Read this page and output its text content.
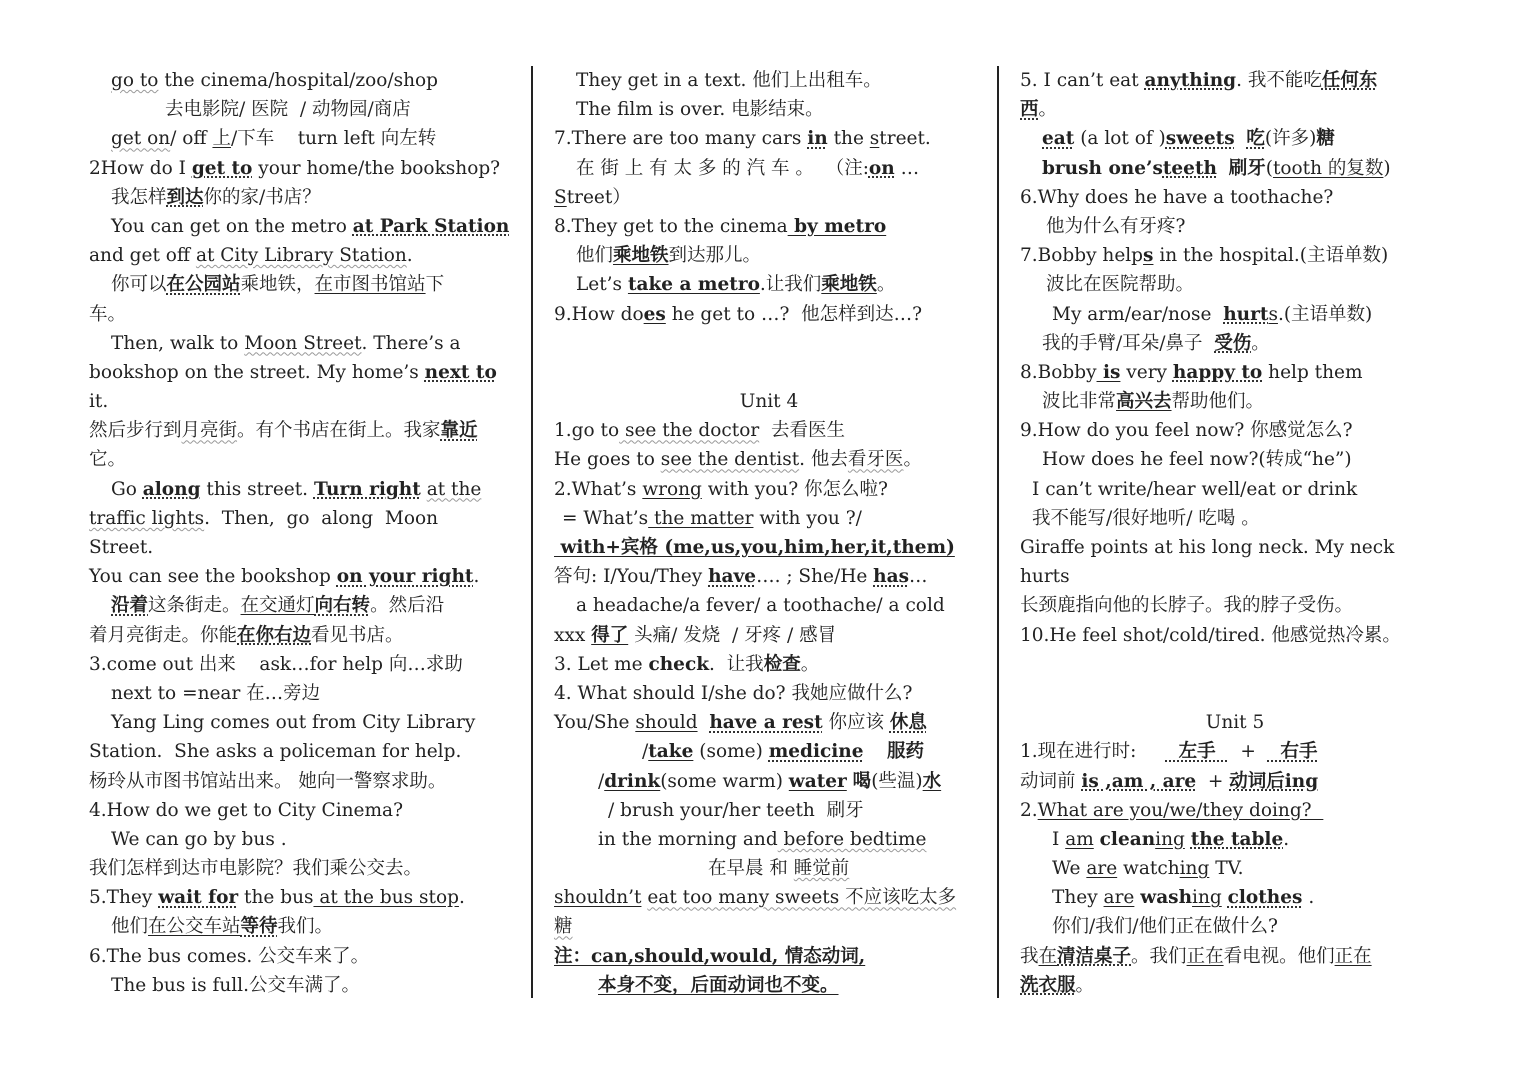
go to the cinema/hospital/zoo/shop
去电影院/ 医院  / 动物园/商店
get on/ off 上/下车    turn left 向左转
2How do I get to your home/the bookshop?
我怎样到达你的家/书店？
You can get on the metro at Park Station
and get off at City Library Station.
你可以在公园站乘地铁，在市图书馆站下
车。
Then, walk to Moon Street. There’s a
bookshop on the street. My home’s next to
it.
然后步行到月亮街。有个书店在街上。我家靠近
它。
Go along this street. Turn right at the
traffic lights.  Then,  go  along  Moon
Street.
You can see the bookshop on your right.
沿着这条街走。在交通灯向右转。然后沿
着月亮街走。你能在你右边看见书店。
3.come out 出来    ask…for help 向…求助
next to =near 在…旁边
Yang Ling comes out from City Library
Station.  She asks a policeman for help.
杨玲从市图书馆站出来。 她向一警察求助。
4.How do we get to City Cinema?
We can go by bus .
我们怎样到达市电影院？我们乘公交去。
5.They wait for the bus at the bus stop.
他们在公交车站等待我们。
6.The bus comes. 公交车来了。
The bus is full.公交车满了。
They get in a text. 他们上出租车。
The film is over. 电影结束。
7.There are too many cars in the street.
在 街 上 有 太 多 的 汽 车 。  （注:on …
Street）
8.They get to the cinema by metro
他们乘地铁到达那儿。
Let’s take a metro.让我们乘地铁。
9.How does he get to …?  他怎样到达…?
Unit 4
1.go to see the doctor  去看医生
He goes to see the dentist. 他去看牙医。
2.What’s wrong with you? 你怎么啦?
= What’s the matter with you ?/
with+宾格 (me,us,you,him,her,it,them)
答句: I/You/They have…. ; She/He has…
a headache/a fever/ a toothache/ a cold
xxx 得了 头痛/ 发烧  / 牙疼 / 感冒
3. Let me check.  让我检查。
4. What should I/she do? 我她应做什么?
You/She should have a rest 你应该 休息
/take (some) medicine 服药
/drink(some warm) water 喝(些温)水
/ brush your/her teeth  刷牙
in the morning and before bedtime
在早晨 和 睡觉前
shouldn’t eat too many sweets 不应该吃太多
糖
注：can,should,would, 情态动词,
本身不变，后面动词也不变。
5. I can’t eat anything. 我不能吃任何东
西。
eat (a lot of )sweets 吃(许多)糖
brush one’steeth 刷牙(tooth 的复数)
6.Why does he have a toothache?
他为什么有牙疼?
7.Bobby helps in the hospital.(主语单数)
波比在医院帮助。
My arm/ear/nose  hurts.(主语单数)
我的手臂/耳朵/鼻子  受伤。
8.Bobby is very happy to help them
波比非常高兴去帮助他们。
9.How do you feel now? 你感觉怎么?
How does he feel now?(转成“he”)
I can’t write/hear well/eat or drink
我不能写/很好地听/ 吃喝 。
Giraffe points at his long neck. My neck
hurts
长颈鹿指向他的长脖子。我的脖子受伤。
10.He feel shot/cold/tired. 他感觉热冷累。
Unit 5
1.现在进行时:       左手    +    右手
动词前 is ,am , are  + 动词后ing
2.What are you/we/they doing?
I am cleaning the table.
We are watching TV.
They are washing clothes .
你们/我们/他们正在做什么?
我在清洁桌子。我们正在看电视。他们正在
洗衣服。
